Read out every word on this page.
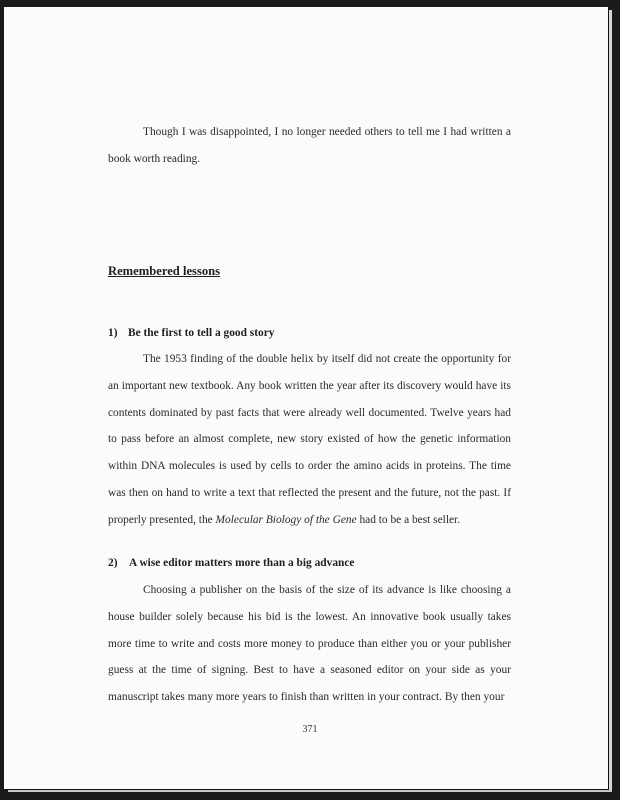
Though I was disappointed, I no longer needed others to tell me I had written a book worth reading.

Remembered lessons

1) Be the first to tell a good story

The 1953 finding of the double helix by itself did not create the opportunity for an important new textbook. Any book written the year after its discovery would have its contents dominated by past facts that were already well documented. Twelve years had to pass before an almost complete, new story existed of how the genetic information within DNA molecules is used by cells to order the amino acids in proteins. The time was then on hand to write a text that reflected the present and the future, not the past. If properly presented, the Molecular Biology of the Gene had to be a best seller.

2) A wise editor matters more than a big advance

Choosing a publisher on the basis of the size of its advance is like choosing a house builder solely because his bid is the lowest. An innovative book usually takes more time to write and costs more money to produce than either you or your publisher guess at the time of signing. Best to have a seasoned editor on your side as your manuscript takes many more years to finish than written in your contract. By then your

371
